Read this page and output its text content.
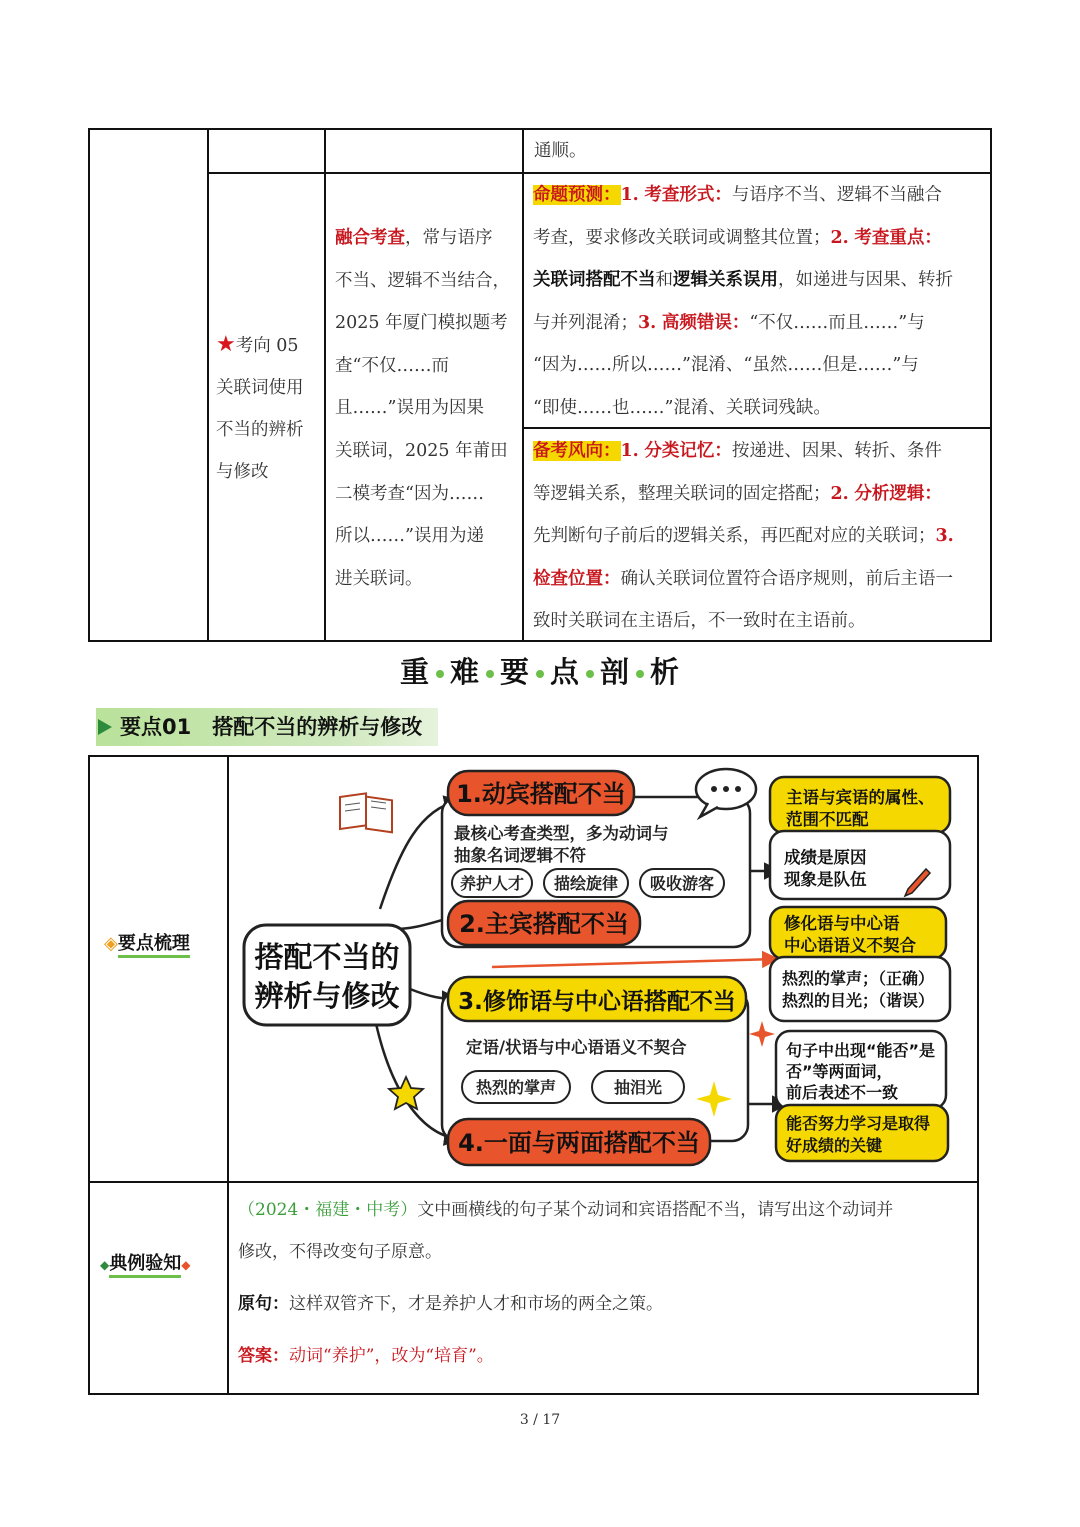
通顺。
★考向 05
关联词使用
不当的辨析
与修改
融合考查，常与语序
不当、逻辑不当结合，
2025 年厦门模拟题考
查“不仅……而
且……”误用为因果
关联词，2025 年莆田
二模考查“因为……
所以……”误用为递
进关联词。
命题预测：1. 考查形式：与语序不当、逻辑不当融合
考查，要求修改关联词或调整其位置；2. 考查重点：
关联词搭配不当和逻辑关系误用，如递进与因果、转折
与并列混淆；3. 高频错误：“不仅……而且……”与
“因为……所以……”混淆、“虽然……但是……”与
“即使……也……”混淆、关联词残缺。
备考风向：1. 分类记忆：按递进、因果、转折、条件
等逻辑关系，整理关联词的固定搭配；2. 分析逻辑：
先判断句子前后的逻辑关系，再匹配对应的关联词；3.
检查位置：确认关联词位置符合语序规则，前后主语一
致时关联词在主语后，不一致时在主语前。
重 难 要 点 剖 析
要点01　搭配不当的辨析与修改
◈要点梳理
◆典例验知◆
搭配不当的
辨析与修改
1.动宾搭配不当
最核心考查类型，多为动词与
抽象名词逻辑不符
养护人才 描绘旋律 吸收游客
2.主宾搭配不当
3.修饰语与中心语搭配不当
定语/状语与中心语语义不契合
热烈的掌声	抽泪光
4.一面与两面搭配不当
主语与宾语的属性、
范围不匹配
成绩是原因
现象是队伍
修化语与中心语
中心语语义不契合
热烈的掌声；（正确）
热烈的目光；（谐误）
句子中出现“能否”是
否”等两面词，
前后表述不一致
能否努力学习是取得
好成绩的关键
（2024・福建・中考）文中画横线的句子某个动词和宾语搭配不当，请写出这个动词并
修改，不得改变句子原意。
原句：这样双管齐下，才是养护人才和市场的两全之策。
答案：动词“养护”，改为“培育”。
3 / 17
